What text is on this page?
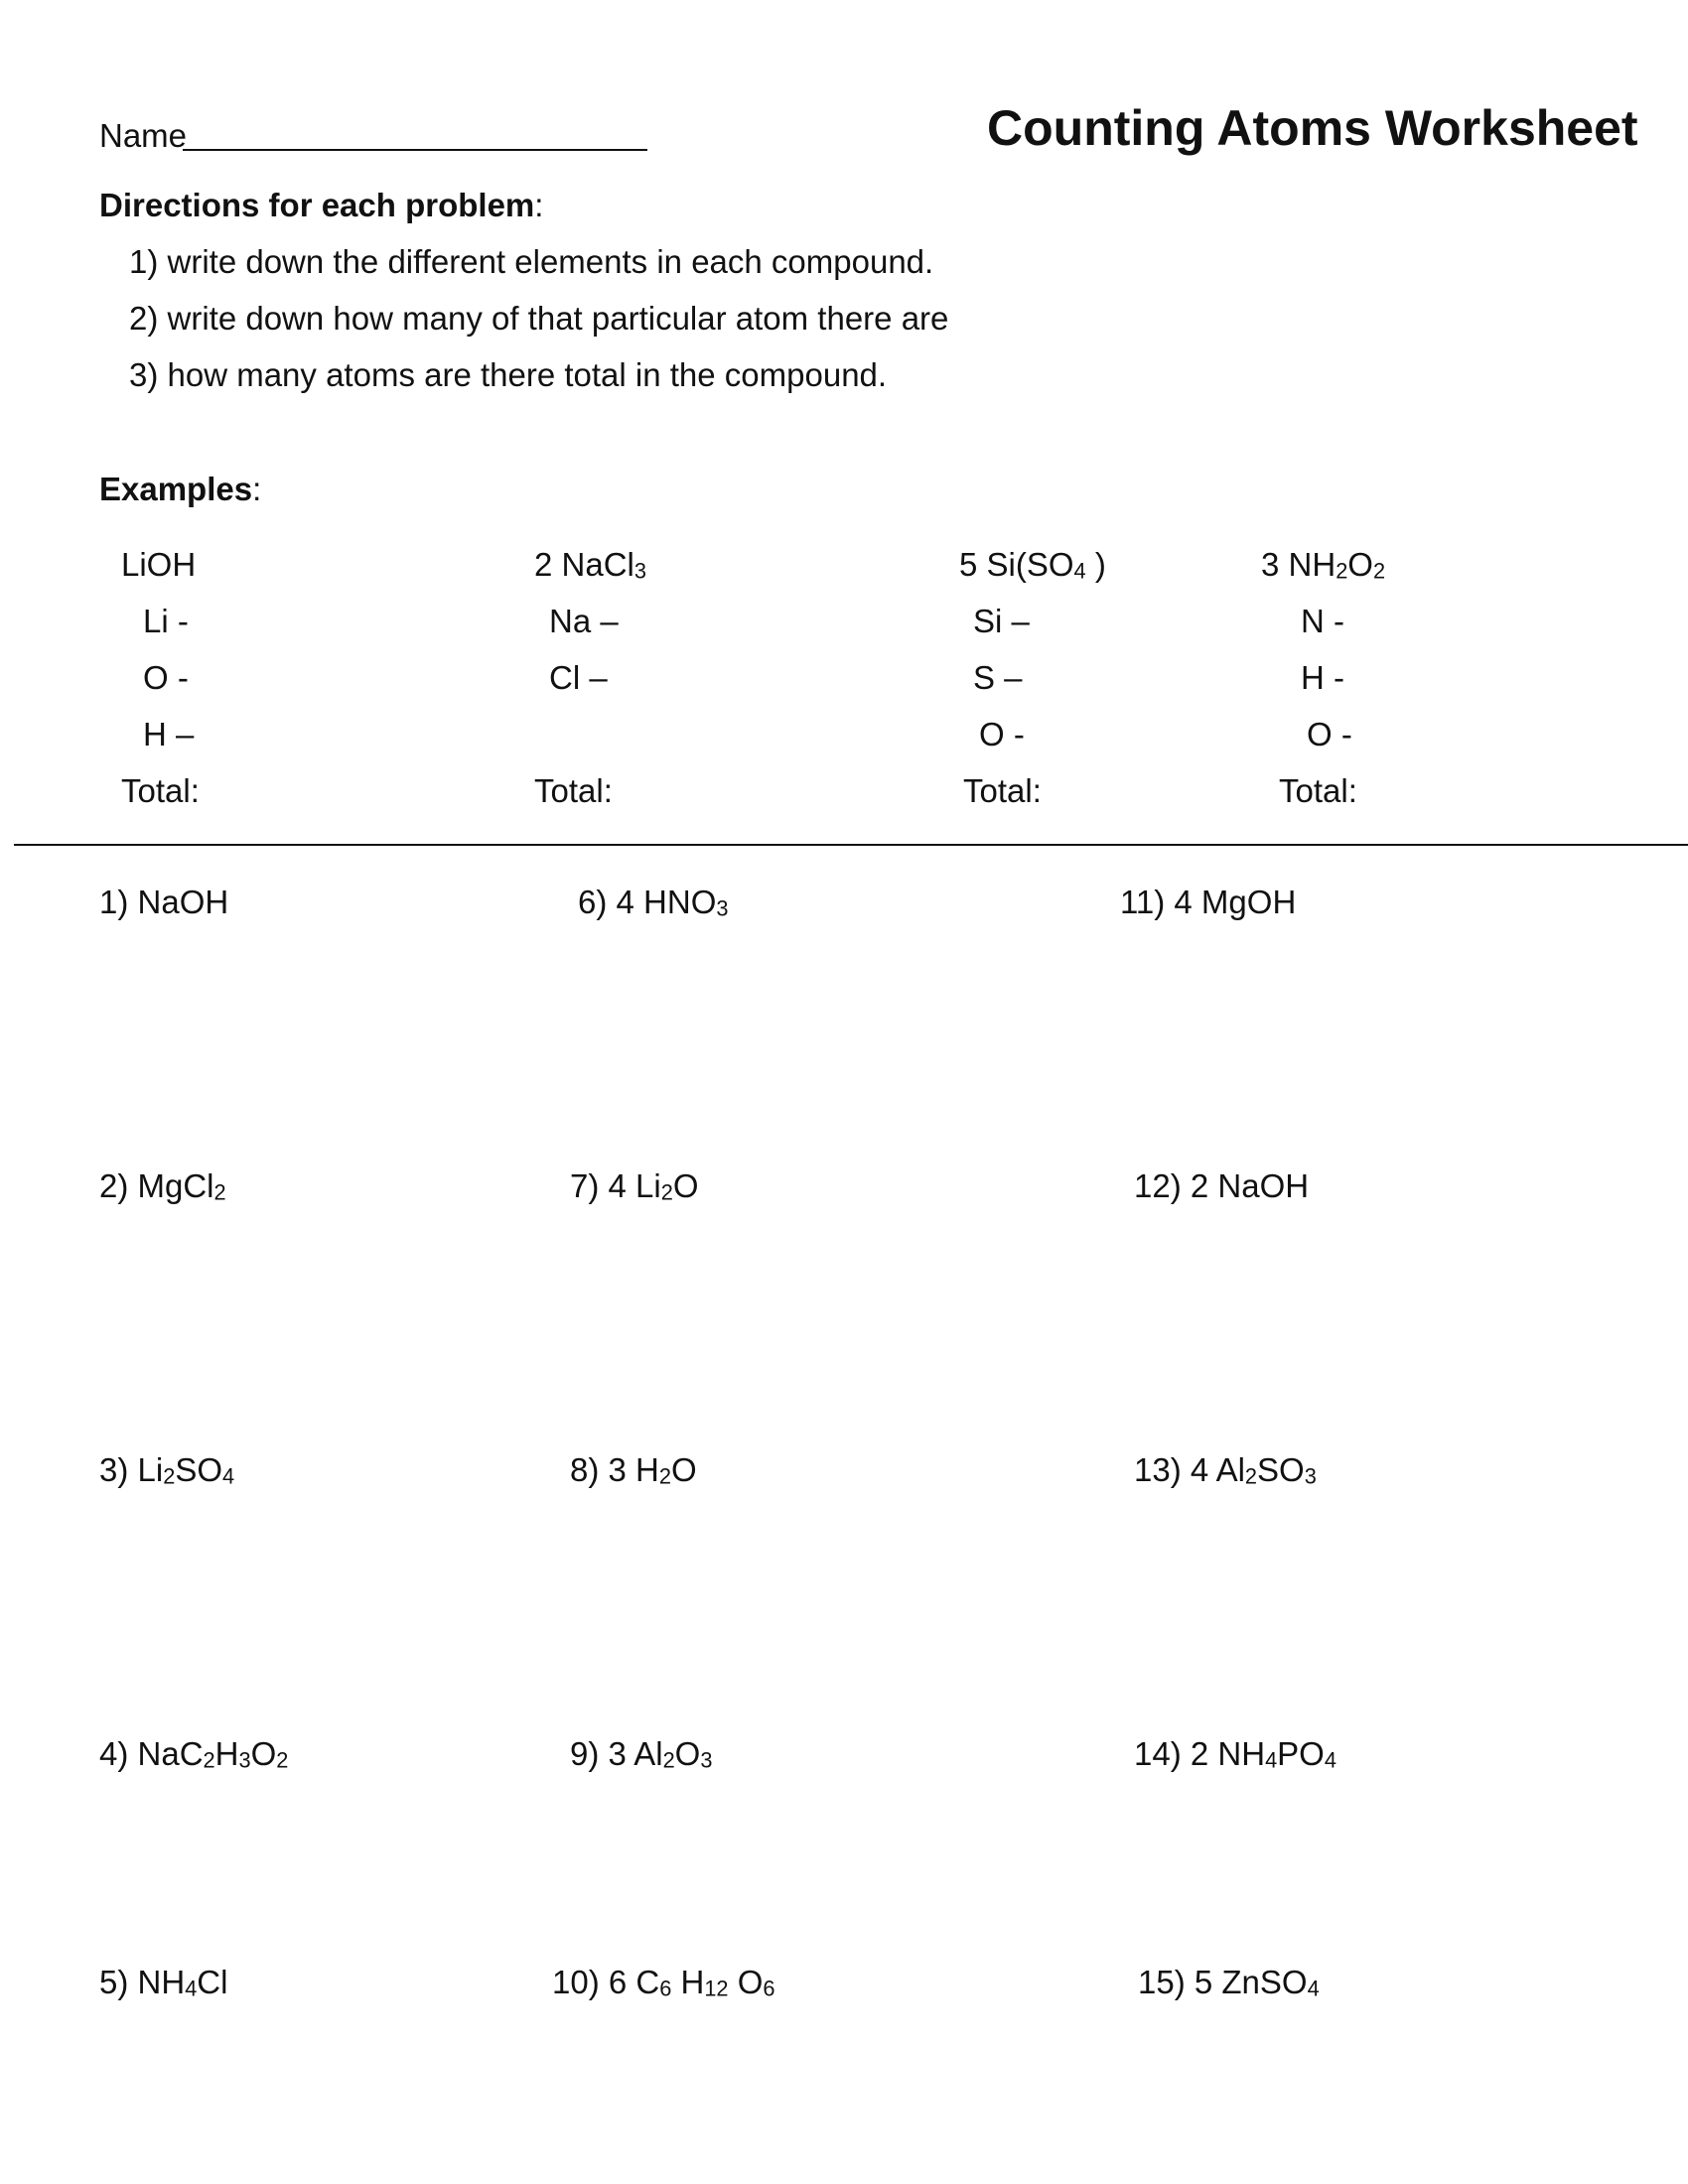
Name	Counting Atoms Worksheet
Directions for each problem:
1) write down the different elements in each compound.
2) write down how many of that particular atom there are
3) how many atoms are there total in the compound.
Examples:
LiOH
Li -
O -
H –
Total:
2 NaCl$_3$
Na –
Cl –
Total:
5 $Si(SO_4$ )
Si –
S –
O -
Total:
3 $NH_2O_2$
N -
H -
O -
Total:
1) NaOH
2) MgCl$_2$
3) $Li_2SO_4$
4) $NaC_2H_3O_2$
5) $NH_4Cl$
6) 4 $HNO_3$
7) 4 $Li_2O$
8) 3 $H_2O$
9) 3 $Al_2O_3$
10) 6 $C_6$ $H_{12}$ $O_6$
11) 4 MgOH
12) 2 NaOH
13) 4 $Al_2SO_3$
14) 2 $NH_4PO_4$
15) 5 ZnSO$_4$
